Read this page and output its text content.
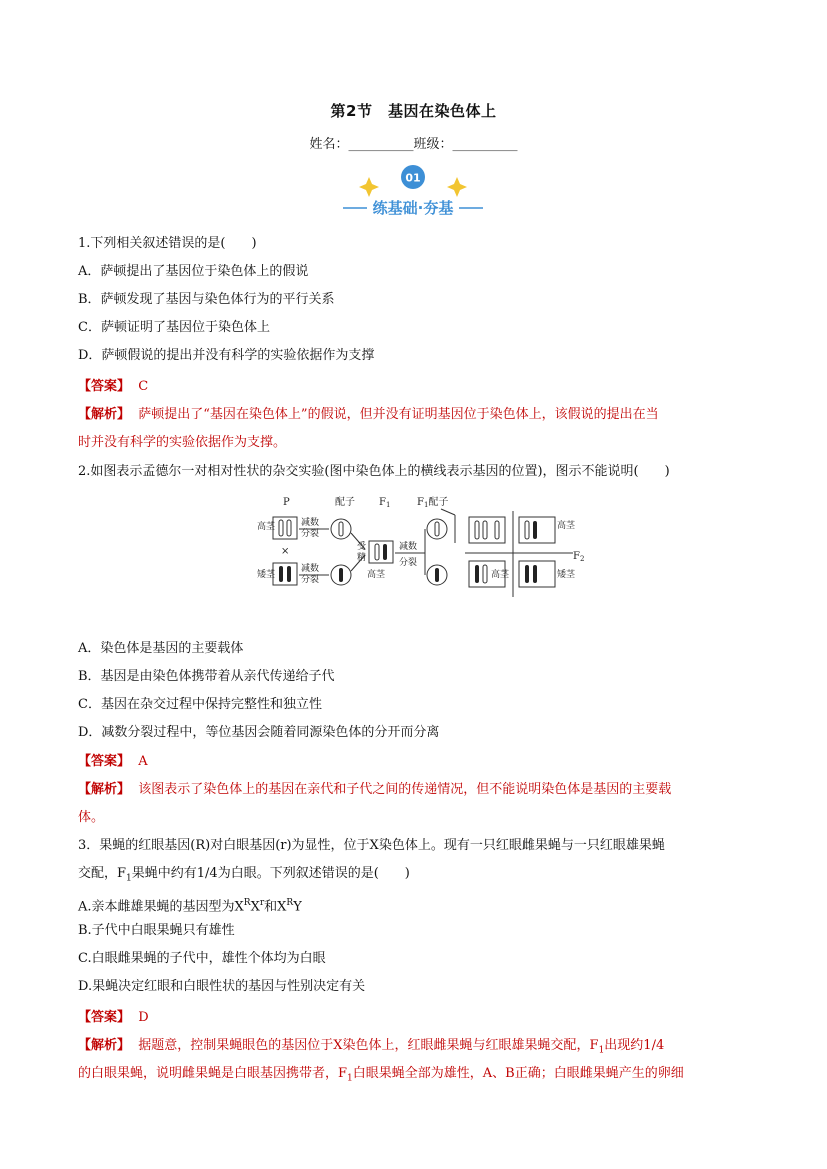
第2节　基因在染色体上
姓名：__________班级：__________
01
练基础·夯基
1.下列相关叙述错误的是(　　)
A．萨顿提出了基因位于染色体上的假说
B．萨顿发现了基因与染色体行为的平行关系
C．萨顿证明了基因位于染色体上
D．萨顿假说的提出并没有科学的实验依据作为支撑
【答案】 C
【解析】 萨顿提出了“基因在染色体上”的假说，但并没有证明基因位于染色体上，该假说的提出在当
时并没有科学的实验依据作为支撑。
2.如图表示孟德尔一对相对性状的杂交实验(图中染色体上的横线表示基因的位置)，图示不能说明(　　)
P	配子 $F_1$	$F_1$配子
高茎
×
矮茎
减数
分裂
减数
分裂
受
精
高茎
减数
分裂
高茎
高茎	矮茎
$F_2$
A．染色体是基因的主要载体
B．基因是由染色体携带着从亲代传递给子代
C．基因在杂交过程中保持完整性和独立性
D．减数分裂过程中，等位基因会随着同源染色体的分开而分离
【答案】 A
【解析】 该图表示了染色体上的基因在亲代和子代之间的传递情况，但不能说明染色体是基因的主要载
体。
3．果蝇的红眼基因(R)对白眼基因(r)为显性，位于X染色体上。现有一只红眼雌果蝇与一只红眼雄果蝇
交配，$F_1$果蝇中约有1/4为白眼。下列叙述错误的是(　　)
A.亲本雌雄果蝇的基因型为$X^RX^r$和$X^RY$
B.子代中白眼果蝇只有雄性
C.白眼雌果蝇的子代中，雄性个体均为白眼
D.果蝇决定红眼和白眼性状的基因与性别决定有关
【答案】 D
【解析】 据题意，控制果蝇眼色的基因位于X染色体上，红眼雌果蝇与红眼雄果蝇交配，$F_1$出现约1/4
的白眼果蝇，说明雌果蝇是白眼基因携带者，$F_1$白眼果蝇全部为雄性，A、B正确；白眼雌果蝇产生的卵细
